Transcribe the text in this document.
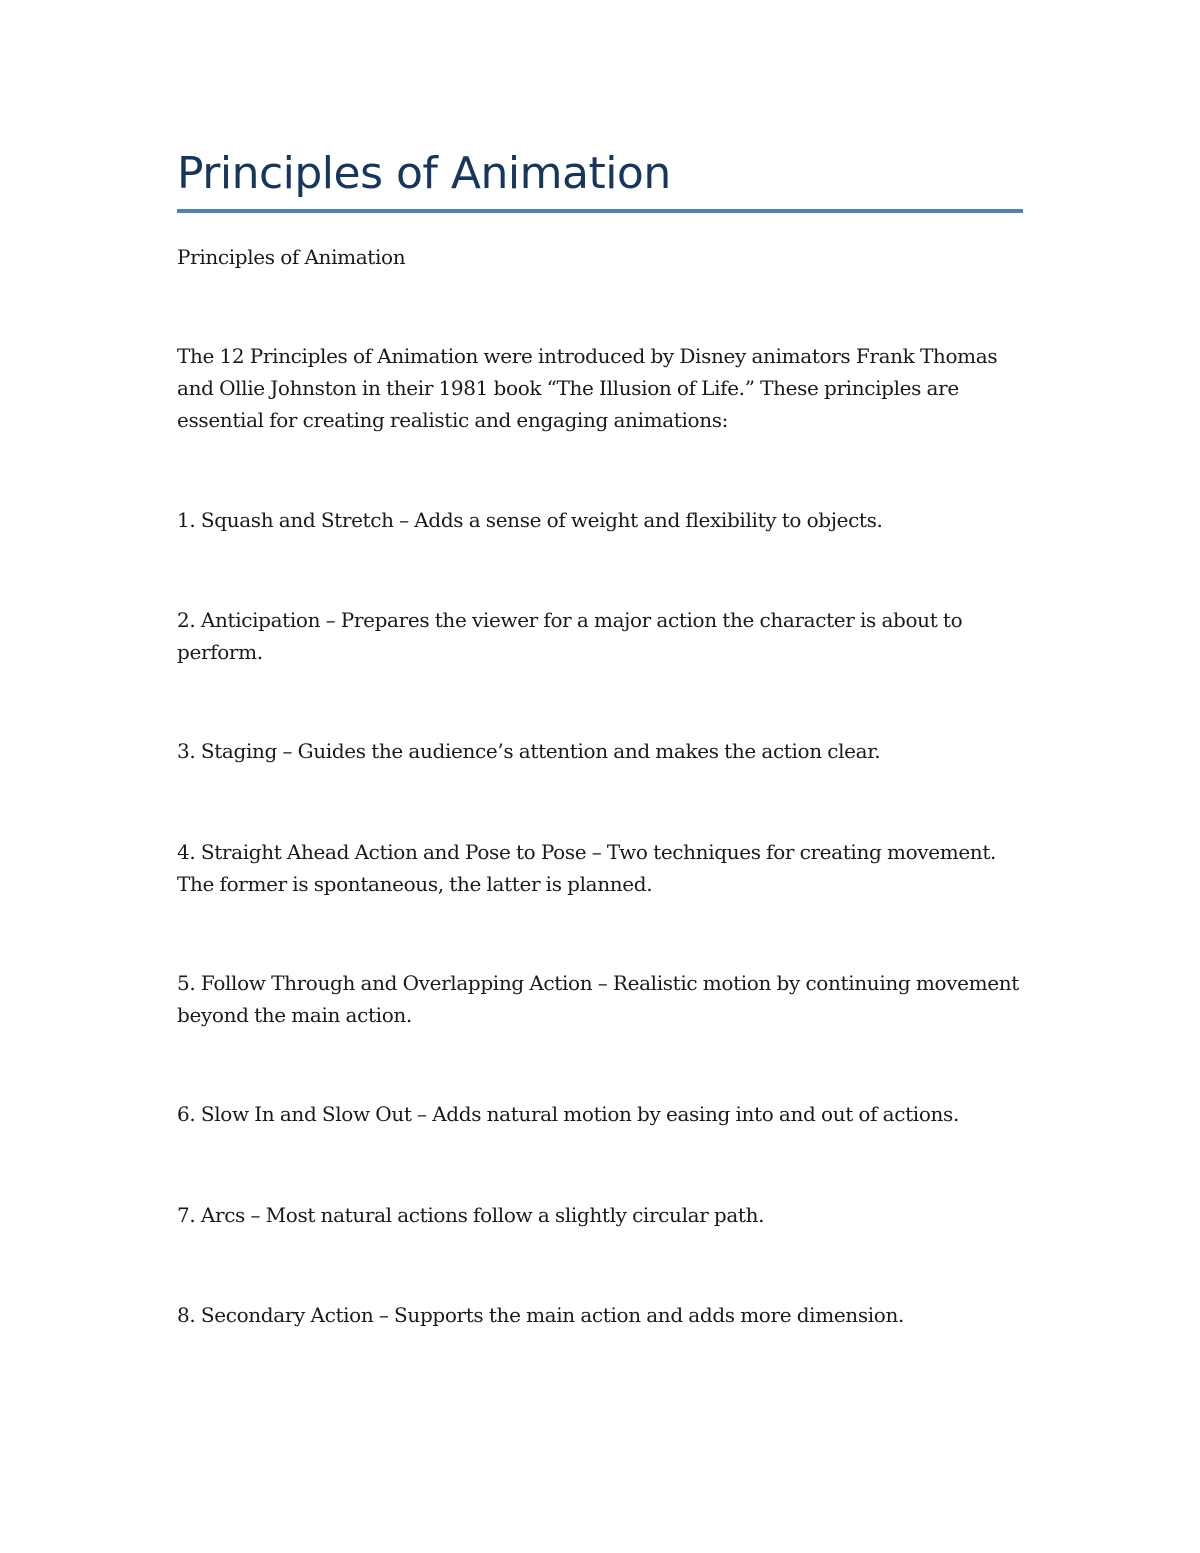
Principles of Animation

Principles of Animation

The 12 Principles of Animation were introduced by Disney animators Frank Thomas and Ollie Johnston in their 1981 book “The Illusion of Life.” These principles are essential for creating realistic and engaging animations:

1. Squash and Stretch – Adds a sense of weight and flexibility to objects.

2. Anticipation – Prepares the viewer for a major action the character is about to perform.

3. Staging – Guides the audience’s attention and makes the action clear.

4. Straight Ahead Action and Pose to Pose – Two techniques for creating movement. The former is spontaneous, the latter is planned.

5. Follow Through and Overlapping Action – Realistic motion by continuing movement beyond the main action.

6. Slow In and Slow Out – Adds natural motion by easing into and out of actions.

7. Arcs – Most natural actions follow a slightly circular path.

8. Secondary Action – Supports the main action and adds more dimension.
